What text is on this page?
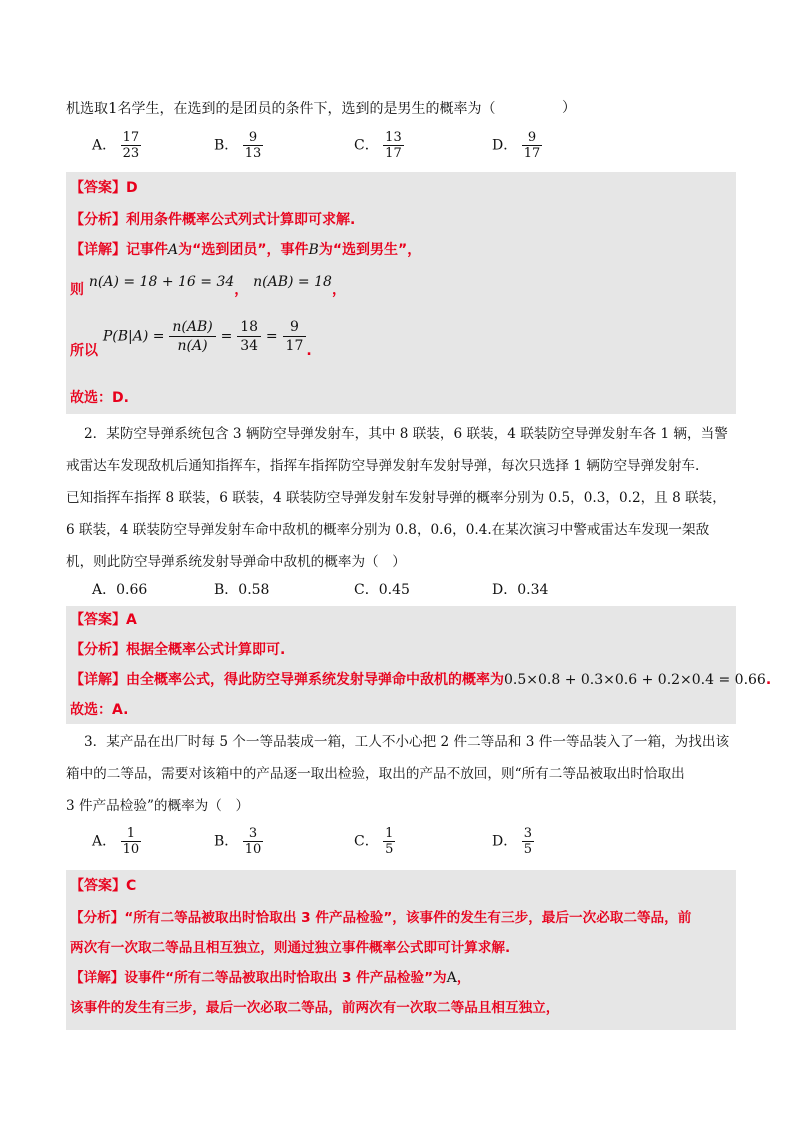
机选取1名学生，在选到的是团员的条件下，选到的是男生的概率为（	）
A． $\frac{17}{23}$	B． $\frac{9}{13}$	C． $\frac{13}{17}$	D． $\frac{9}{17}$
【答案】D
【分析】利用条件概率公式列式计算即可求解.
【详解】记事件A为“选到团员”，事件B为“选到男生”，
则 n(A) = 18 + 16 = 34， n(AB) = 18，
所以 $P(B|A) = \frac{n(AB)}{n(A)} = \frac{18}{34} = \frac{9}{17}$ .
故选：D.
2．某防空导弹系统包含 3 辆防空导弹发射车，其中 8 联装，6 联装，4 联装防空导弹发射车各 1 辆，当警
戒雷达车发现敌机后通知指挥车，指挥车指挥防空导弹发射车发射导弹，每次只选择 1 辆防空导弹发射车.
已知指挥车指挥 8 联装，6 联装，4 联装防空导弹发射车发射导弹的概率分别为 0.5，0.3，0.2，且 8 联装，
6 联装，4 联装防空导弹发射车命中敌机的概率分别为 0.8，0.6，0.4.在某次演习中警戒雷达车发现一架敌
机，则此防空导弹系统发射导弹命中敌机的概率为（　）
A．0.66	B．0.58	C．0.45	D．0.34
【答案】A
【分析】根据全概率公式计算即可.
【详解】由全概率公式，得此防空导弹系统发射导弹命中敌机的概率为0.5×0.8 + 0.3×0.6 + 0.2×0.4 = 0.66.
故选：A.
3．某产品在出厂时每 5 个一等品装成一箱，工人不小心把 2 件二等品和 3 件一等品装入了一箱，为找出该
箱中的二等品，需要对该箱中的产品逐一取出检验，取出的产品不放回，则“所有二等品被取出时恰取出
3 件产品检验”的概率为（　）
A． $\frac{1}{10}$	B． $\frac{3}{10}$	C． $\frac{1}{5}$	D． $\frac{3}{5}$
【答案】C
【分析】“所有二等品被取出时恰取出 3 件产品检验”，该事件的发生有三步，最后一次必取二等品，前
两次有一次取二等品且相互独立，则通过独立事件概率公式即可计算求解.
【详解】设事件“所有二等品被取出时恰取出 3 件产品检验”为A，
该事件的发生有三步，最后一次必取二等品，前两次有一次取二等品且相互独立，
